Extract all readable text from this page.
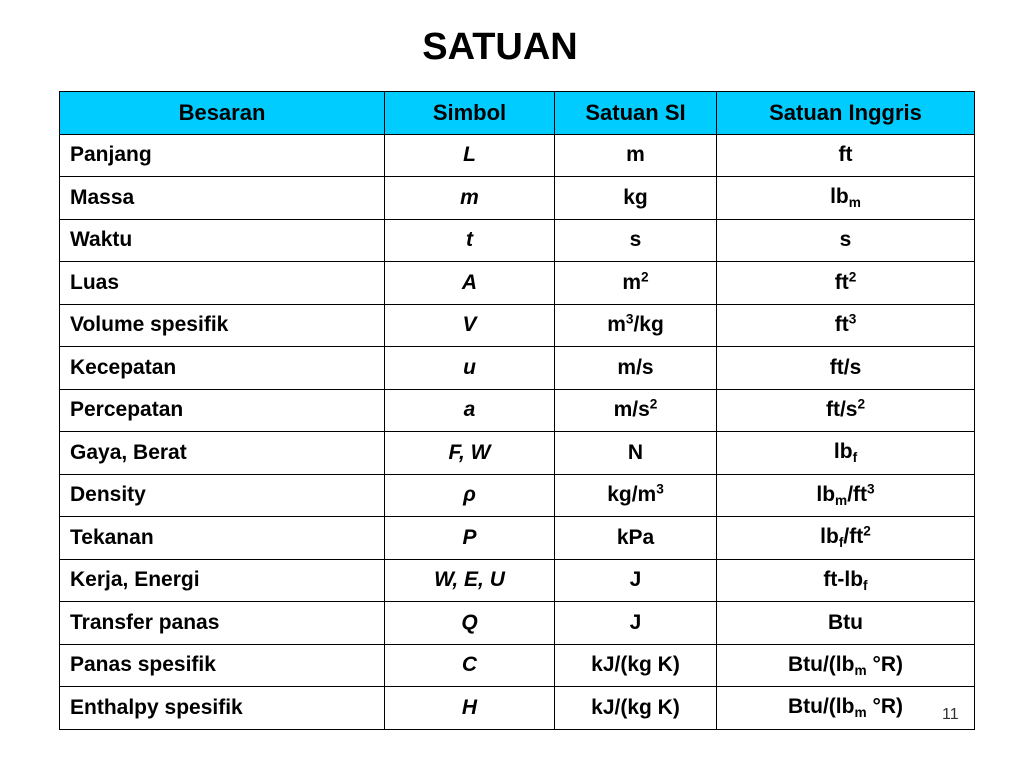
SATUAN
Besaran	Simbol	Satuan SI	Satuan Inggris
Panjang	L	m	ft
Massa	m	kg	$lb_m$
Waktu	t	s	s
Luas	A	$m^2$	$ft^2$
Volume spesifik	V	$m^3/kg$	$ft^3$
Kecepatan	u	m/s	ft/s
Percepatan	a	$m/s^2$	$ft/s^2$
Gaya, Berat	F, W	N	$lb_f$
Density	ρ	$kg/m^3$	$lb_m/ft^3$
Tekanan	P	kPa	$lb_f/ft^2$
Kerja, Energi	W, E, U	J	$ft-lb_f$
Transfer panas	Q	J	Btu
Panas spesifik	C	kJ/(kg K)	Btu/($lb_m$ °R)
Enthalpy spesifik	H	kJ/(kg K)	Btu/($lb_m$ °R) 11
